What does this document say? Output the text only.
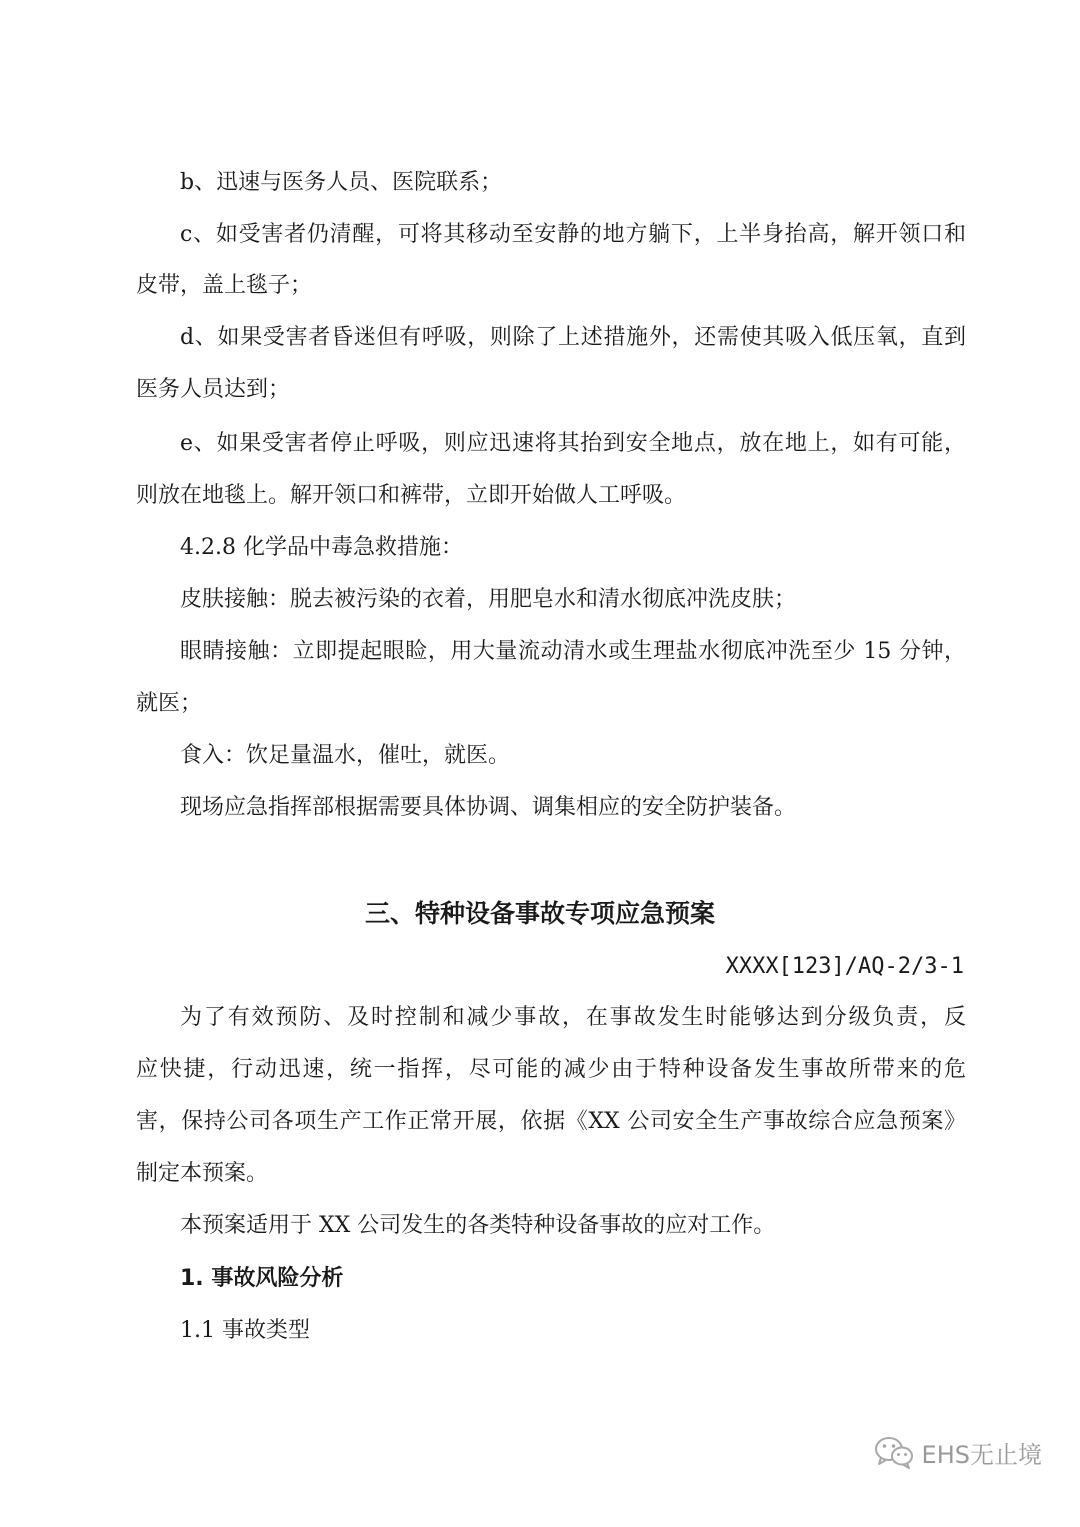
b、迅速与医务人员、医院联系；
c、如受害者仍清醒，可将其移动至安静的地方躺下，上半身抬高，解开领口和
皮带，盖上毯子；
d、如果受害者昏迷但有呼吸，则除了上述措施外，还需使其吸入低压氧，直到
医务人员达到；
e、如果受害者停止呼吸，则应迅速将其抬到安全地点，放在地上，如有可能，
则放在地毯上。解开领口和裤带，立即开始做人工呼吸。
4.2.8 化学品中毒急救措施：
皮肤接触：脱去被污染的衣着，用肥皂水和清水彻底冲洗皮肤；
眼睛接触：立即提起眼睑，用大量流动清水或生理盐水彻底冲洗至少 15 分钟，
就医；
食入：饮足量温水，催吐，就医。
现场应急指挥部根据需要具体协调、调集相应的安全防护装备。
三、特种设备事故专项应急预案
XXXX[123]/AQ-2/3-1
为了有效预防、及时控制和减少事故，在事故发生时能够达到分级负责，反
应快捷，行动迅速，统一指挥，尽可能的减少由于特种设备发生事故所带来的危
害，保持公司各项生产工作正常开展，依据《XX 公司安全生产事故综合应急预案》
制定本预案。
本预案适用于 XX 公司发生的各类特种设备事故的应对工作。
1. 事故风险分析
1.1 事故类型
EHS无止境
